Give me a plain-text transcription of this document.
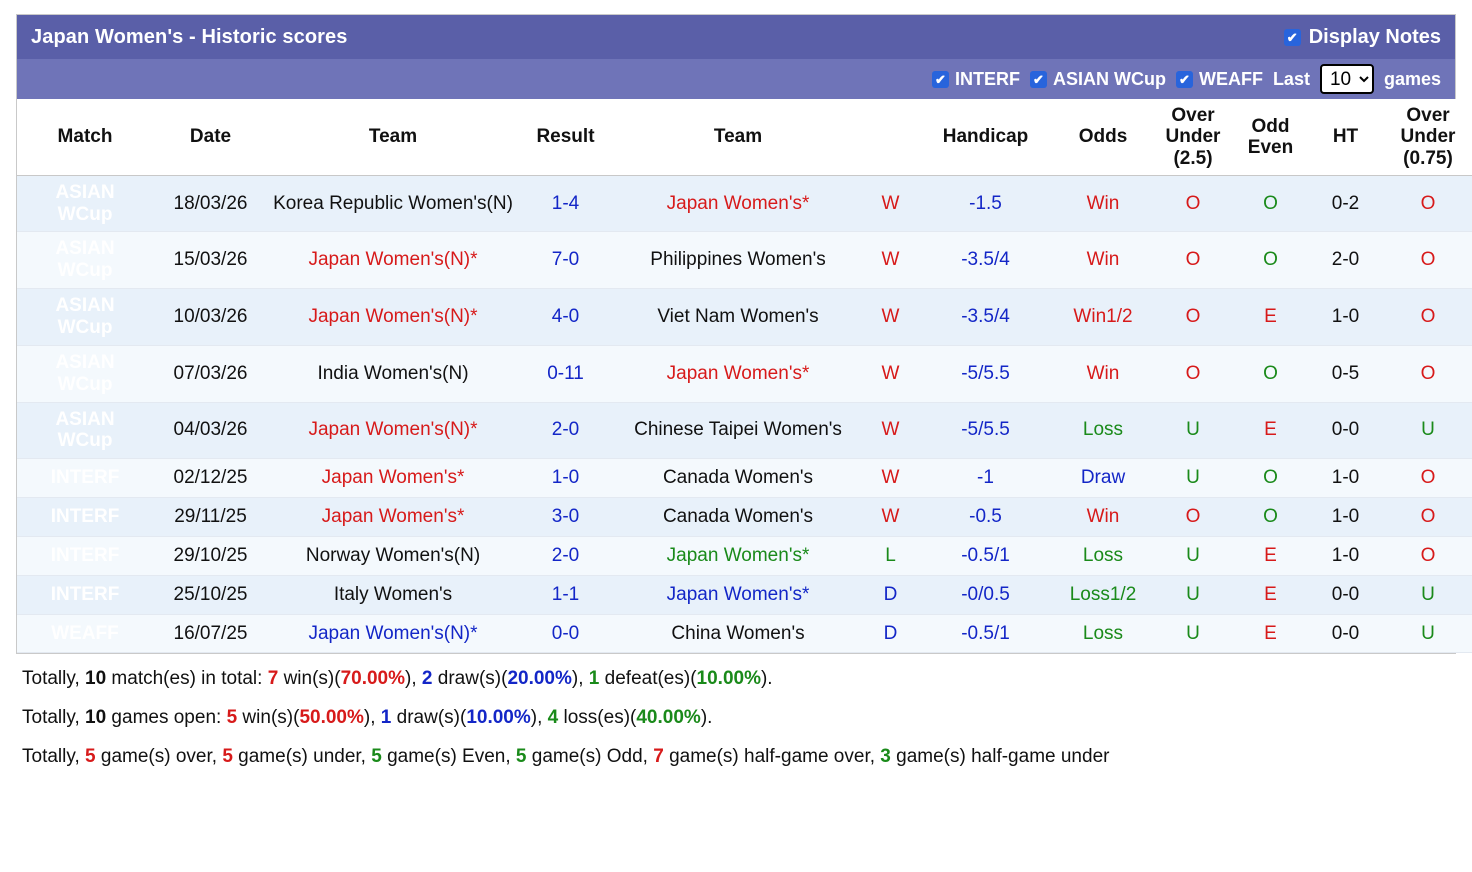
Japan Women's - Historic scores ✔	Display Notes
✔
INTERF ✔ ASIAN WCup ✔ WEAFF Last
10	games
Match	Date	Team	Result	Team		Handicap	Odds	Over
Under
(2.5)	Odd
Even	HT	Over
Under
(0.75)
ASIAN
WCup	18/03/26	Korea Republic Women's(N)	1-4	Japan Women's*	W	-1.5	Win	O	O	0-2	O
ASIAN
WCup	15/03/26	Japan Women's(N)*	7-0	Philippines Women's	W	-3.5/4	Win	O	O	2-0	O
ASIAN
WCup	10/03/26	Japan Women's(N)*	4-0	Viet Nam Women's	W	-3.5/4	Win1/2	O	E	1-0	O
ASIAN
WCup	07/03/26	India Women's(N)	0-11	Japan Women's*	W	-5/5.5	Win	O	O	0-5	O
ASIAN
WCup	04/03/26	Japan Women's(N)*	2-0	Chinese Taipei Women's	W	-5/5.5	Loss	U	E	0-0	U
INTERF	02/12/25	Japan Women's*	1-0	Canada Women's	W	-1	Draw	U	O	1-0	O
INTERF	29/11/25	Japan Women's*	3-0	Canada Women's	W	-0.5	Win	O	O	1-0	O
INTERF	29/10/25	Norway Women's(N)	2-0	Japan Women's*	L	-0.5/1	Loss	U	E	1-0	O
INTERF	25/10/25	Italy Women's	1-1	Japan Women's*	D	-0/0.5	Loss1/2	U	E	0-0	U
WEAFF	16/07/25	Japan Women's(N)*	0-0	China Women's	D	-0.5/1	Loss	U	E	0-0	U

Totally, 10 match(es) in total: 7 win(s)(70.00%), 2 draw(s)(20.00%), 1 defeat(es)(10.00%).

Totally, 10 games open: 5 win(s)(50.00%), 1 draw(s)(10.00%), 4 loss(es)(40.00%).

Totally, 5 game(s) over, 5 game(s) under, 5 game(s) Even, 5 game(s) Odd, 7 game(s) half-game over, 3 game(s) half-game under
